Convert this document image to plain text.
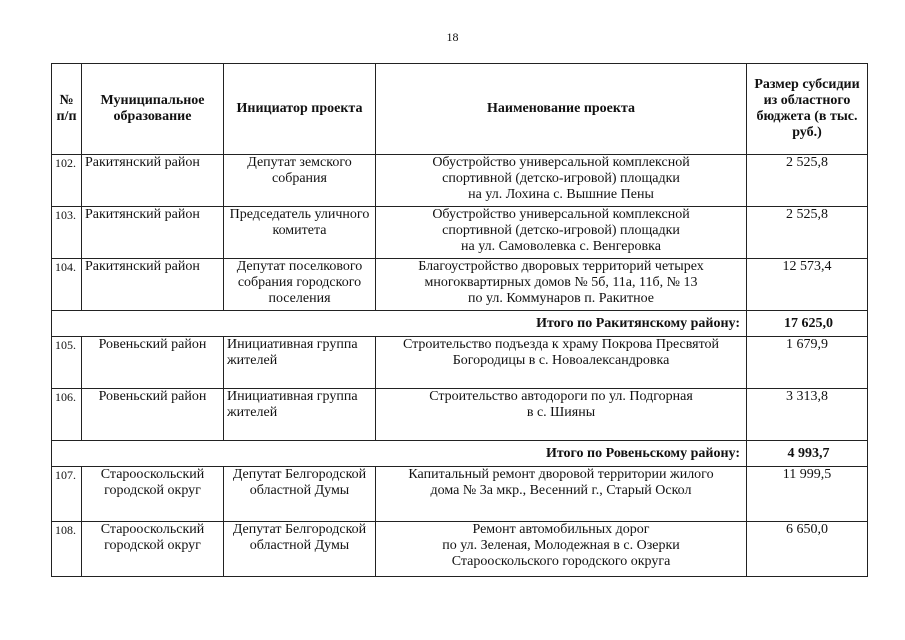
18
№ п/п	Муниципальное образование	Инициатор проекта	Наименование проекта	Размер субсидии из областного бюджета (в тыс. руб.)
102.	Ракитянский район	Депутат земского собрания	Обустройство универсальной комплексной
спортивной (детско-игровой) площадки
на ул. Лохина с. Вышние Пены	2 525,8
103.	Ракитянский район	Председатель уличного комитета	Обустройство универсальной комплексной
спортивной (детско-игровой) площадки
на ул. Самоволевка с. Венгеровка	2 525,8
104.	Ракитянский район	Депутат поселкового собрания городского поселения	Благоустройство дворовых территорий четырех
многоквартирных домов № 5б, 11а, 11б, № 13
по ул. Коммунаров п. Ракитное	12 573,4
Итого по Ракитянскому району:				17 625,0
105.	Ровеньский район	Инициативная группа жителей	Строительство подъезда к храму Покрова Пресвятой
Богородицы в с. Новоалександровка	1 679,9
106.	Ровеньский район	Инициативная группа жителей	Строительство автодороги по ул. Подгорная
в с. Шияны	3 313,8
Итого по Ровеньскому району:				4 993,7
107.	Старооскольский городской округ	Депутат Белгородской областной Думы	Капитальный ремонт дворовой территории жилого
дома № 3а мкр., Весенний г., Старый Оскол	11 999,5
108.	Старооскольский городской округ	Депутат Белгородской областной Думы	Ремонт автомобильных дорог
по ул. Зеленая, Молодежная в с. Озерки
Старооскольского городского округа	6 650,0
